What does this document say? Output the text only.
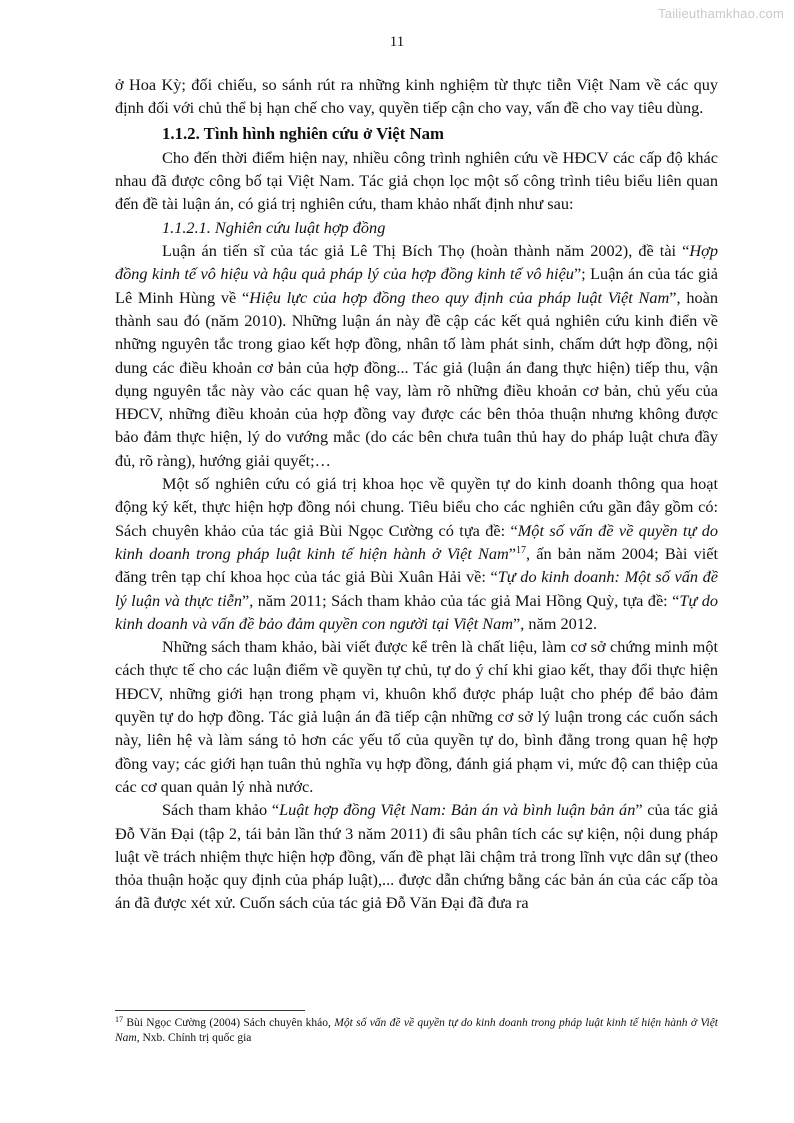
Tailieuthamkhao.com
11

ở Hoa Kỳ; đối chiếu, so sánh rút ra những kinh nghiệm từ thực tiễn Việt Nam về các quy định đối với chủ thể bị hạn chế cho vay, quyền tiếp cận cho vay, vấn đề cho vay tiêu dùng.

1.1.2. Tình hình nghiên cứu ở Việt Nam

Cho đến thời điểm hiện nay, nhiều công trình nghiên cứu về HĐCV các cấp độ khác nhau đã được công bố tại Việt Nam. Tác giả chọn lọc một số công trình tiêu biểu liên quan đến đề tài luận án, có giá trị nghiên cứu, tham khảo nhất định như sau:

1.1.2.1. Nghiên cứu luật hợp đồng

Luận án tiến sĩ của tác giả Lê Thị Bích Thọ (hoàn thành năm 2002), đề tài “Hợp đồng kinh tế vô hiệu và hậu quả pháp lý của hợp đồng kinh tế vô hiệu”; Luận án của tác giả Lê Minh Hùng về “Hiệu lực của hợp đồng theo quy định của pháp luật Việt Nam”, hoàn thành sau đó (năm 2010). Những luận án này đề cập các kết quả nghiên cứu kinh điển về những nguyên tắc trong giao kết hợp đồng, nhân tố làm phát sinh, chấm dứt hợp đồng, nội dung các điều khoản cơ bản của hợp đồng... Tác giả (luận án đang thực hiện) tiếp thu, vận dụng nguyên tắc này vào các quan hệ vay, làm rõ những điều khoản cơ bản, chủ yếu của HĐCV, những điều khoản của hợp đồng vay được các bên thỏa thuận nhưng không được bảo đảm thực hiện, lý do vướng mắc (do các bên chưa tuân thủ hay do pháp luật chưa đầy đủ, rõ ràng), hướng giải quyết;…

Một số nghiên cứu có giá trị khoa học về quyền tự do kinh doanh thông qua hoạt động ký kết, thực hiện hợp đồng nói chung. Tiêu biểu cho các nghiên cứu gần đây gồm có: Sách chuyên khảo của tác giả Bùi Ngọc Cường có tựa đề: “Một số vấn đề về quyền tự do kinh doanh trong pháp luật kinh tế hiện hành ở Việt Nam”$^{17}$, ấn bản năm 2004; Bài viết đăng trên tạp chí khoa học của tác giả Bùi Xuân Hải về: “Tự do kinh doanh: Một số vấn đề lý luận và thực tiễn”, năm 2011; Sách tham khảo của tác giả Mai Hồng Quỳ, tựa đề: “Tự do kinh doanh và vấn đề bảo đảm quyền con người tại Việt Nam”, năm 2012.

Những sách tham khảo, bài viết được kể trên là chất liệu, làm cơ sở chứng minh một cách thực tế cho các luận điểm về quyền tự chủ, tự do ý chí khi giao kết, thay đổi thực hiện HĐCV, những giới hạn trong phạm vi, khuôn khổ được pháp luật cho phép để bảo đảm quyền tự do hợp đồng. Tác giả luận án đã tiếp cận những cơ sở lý luận trong các cuốn sách này, liên hệ và làm sáng tỏ hơn các yếu tố của quyền tự do, bình đẳng trong quan hệ hợp đồng vay; các giới hạn tuân thủ nghĩa vụ hợp đồng, đánh giá phạm vi, mức độ can thiệp của các cơ quan quản lý nhà nước.

Sách tham khảo “Luật hợp đồng Việt Nam: Bản án và bình luận bản án” của tác giả Đỗ Văn Đại (tập 2, tái bản lần thứ 3 năm 2011) đi sâu phân tích các sự kiện, nội dung pháp luật về trách nhiệm thực hiện hợp đồng, vấn đề phạt lãi chậm trả trong lĩnh vực dân sự (theo thỏa thuận hoặc quy định của pháp luật),... được dẫn chứng bằng các bản án của các cấp tòa án đã được xét xử. Cuốn sách của tác giả Đỗ Văn Đại đã đưa ra

$^{17}$ Bùi Ngọc Cường (2004) Sách chuyên khảo, Một số vấn đề về quyền tự do kinh doanh trong pháp luật kinh tế hiện hành ở Việt Nam, Nxb. Chính trị quốc gia
